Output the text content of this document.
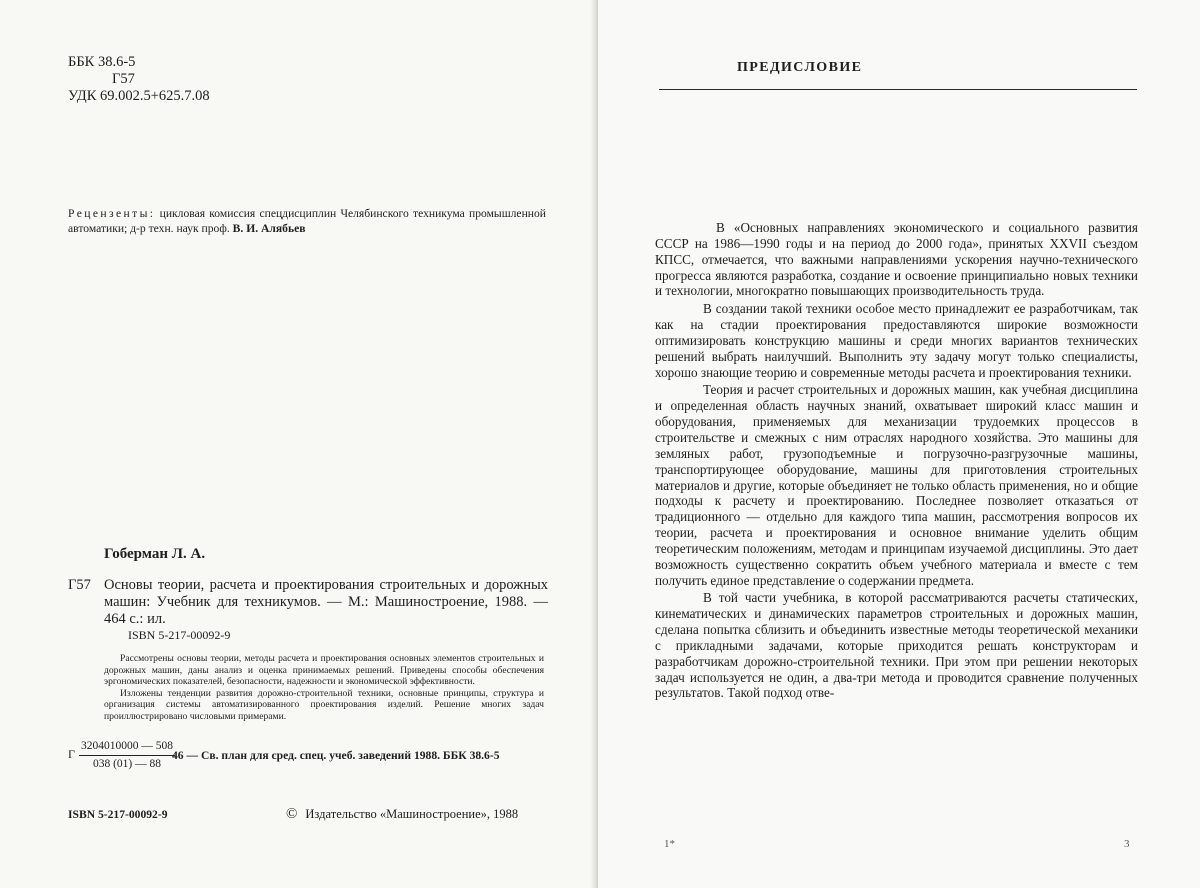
ББК 38.6-5
Г57
УДК 69.002.5+625.7.08
Рецензенты: цикловая комиссия спецдисциплин Челябинского техникума промышленной автоматики; д-р техн. наук проф. В. И. Алябьев
Гоберман Л. А.
Г57 Основы теории, расчета и проектирования строительных и дорожных машин: Учебник для техникумов. — М.: Машиностроение, 1988. — 464 с.: ил.
ISBN 5-217-00092-9

Рассмотрены основы теории, методы расчета и проектирования основных элементов строительных и дорожных машин, даны анализ и оценка принимаемых решений. Приведены способы обеспечения эргономических показателей, безопасности, надежности и экономической эффективности.

Изложены тенденции развития дорожно-строительной техники, основные принципы, структура и организация системы автоматизированного проектирования изделий. Решение многих задач проиллюстрировано числовыми примерами.

Г $\frac{3204010000 — 508}{038 (01) — 88}$
46 — Св. план для сред. спец. учеб. заведений 1988. ББК 38.6-5
ISBN 5-217-00092-9	© Издательство «Машиностроение», 1988
ПРЕДИСЛОВИЕ

В «Основных направлениях экономического и социального развития СССР на 1986—1990 годы и на период до 2000 года», принятых XXVII съездом КПСС, отмечается, что важными направлениями ускорения научно-технического прогресса являются разработка, создание и освоение принципиально новых техники и технологии, многократно повышающих производительность труда.

В создании такой техники особое место принадлежит ее разработчикам, так как на стадии проектирования предоставляются широкие возможности оптимизировать конструкцию машины и среди многих вариантов технических решений выбрать наилучший. Выполнить эту задачу могут только специалисты, хорошо знающие теорию и современные методы расчета и проектирования техники.

Теория и расчет строительных и дорожных машин, как учебная дисциплина и определенная область научных знаний, охватывает широкий класс машин и оборудования, применяемых для механизации трудоемких процессов в строительстве и смежных с ним отраслях народного хозяйства. Это машины для земляных работ, грузоподъемные и погрузочно-разгрузочные машины, транспортирующее оборудование, машины для приготовления строительных материалов и другие, которые объединяет не только область применения, но и общие подходы к расчету и проектированию. Последнее позволяет отказаться от традиционного — отдельно для каждого типа машин, рассмотрения вопросов их теории, расчета и проектирования и основное внимание уделить общим теоретическим положениям, методам и принципам изучаемой дисциплины. Это дает возможность существенно сократить объем учебного материала и вместе с тем получить единое представление о содержании предмета.

В той части учебника, в которой рассматриваются расчеты статических, кинематических и динамических параметров строительных и дорожных машин, сделана попытка сблизить и объединить известные методы теоретической механики с прикладными задачами, которые приходится решать конструкторам и разработчикам дорожно-строительной техники. При этом при решении некоторых задач используется не один, а два-три метода и проводится сравнение полученных результатов. Такой подход отве-

1*	3
